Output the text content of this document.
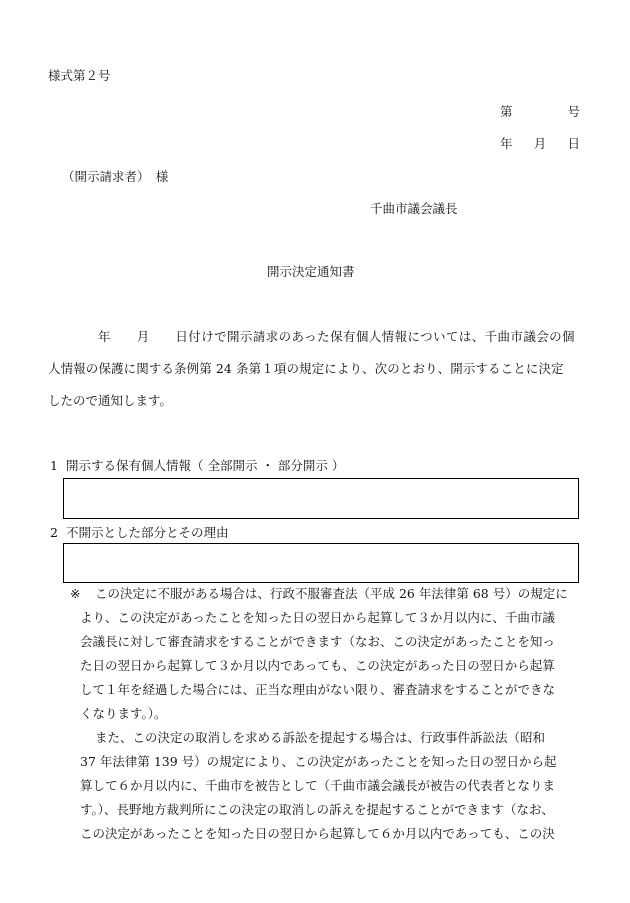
様式第２号
第	号
年 月 日
（開示請求者）　様
千曲市議会議長
開示決定通知書
年　　月　　日付けで開示請求のあった保有個人情報については、千曲市議会の個
人情報の保護に関する条例第 24 条第１項の規定により、次のとおり、開示することに決定
したので通知します。
1 開示する保有個人情報（ 全部開示 ・ 部分開示 ）
2 不開示とした部分とその理由
※ この決定に不服がある場合は、行政不服審査法（平成 26 年法律第 68 号）の規定に
より、この決定があったことを知った日の翌日から起算して３か月以内に、千曲市議
会議長に対して審査請求をすることができます（なお、この決定があったことを知っ
た日の翌日から起算して３か月以内であっても、この決定があった日の翌日から起算
して１年を経過した場合には、正当な理由がない限り、審査請求をすることができな
くなります。）。
また、この決定の取消しを求める訴訟を提起する場合は、行政事件訴訟法（昭和
37 年法律第 139 号）の規定により、この決定があったことを知った日の翌日から起
算して６か月以内に、千曲市を被告として（千曲市議会議長が被告の代表者となりま
す。）、長野地方裁判所にこの決定の取消しの訴えを提起することができます（なお、
この決定があったことを知った日の翌日から起算して６か月以内であっても、この決
